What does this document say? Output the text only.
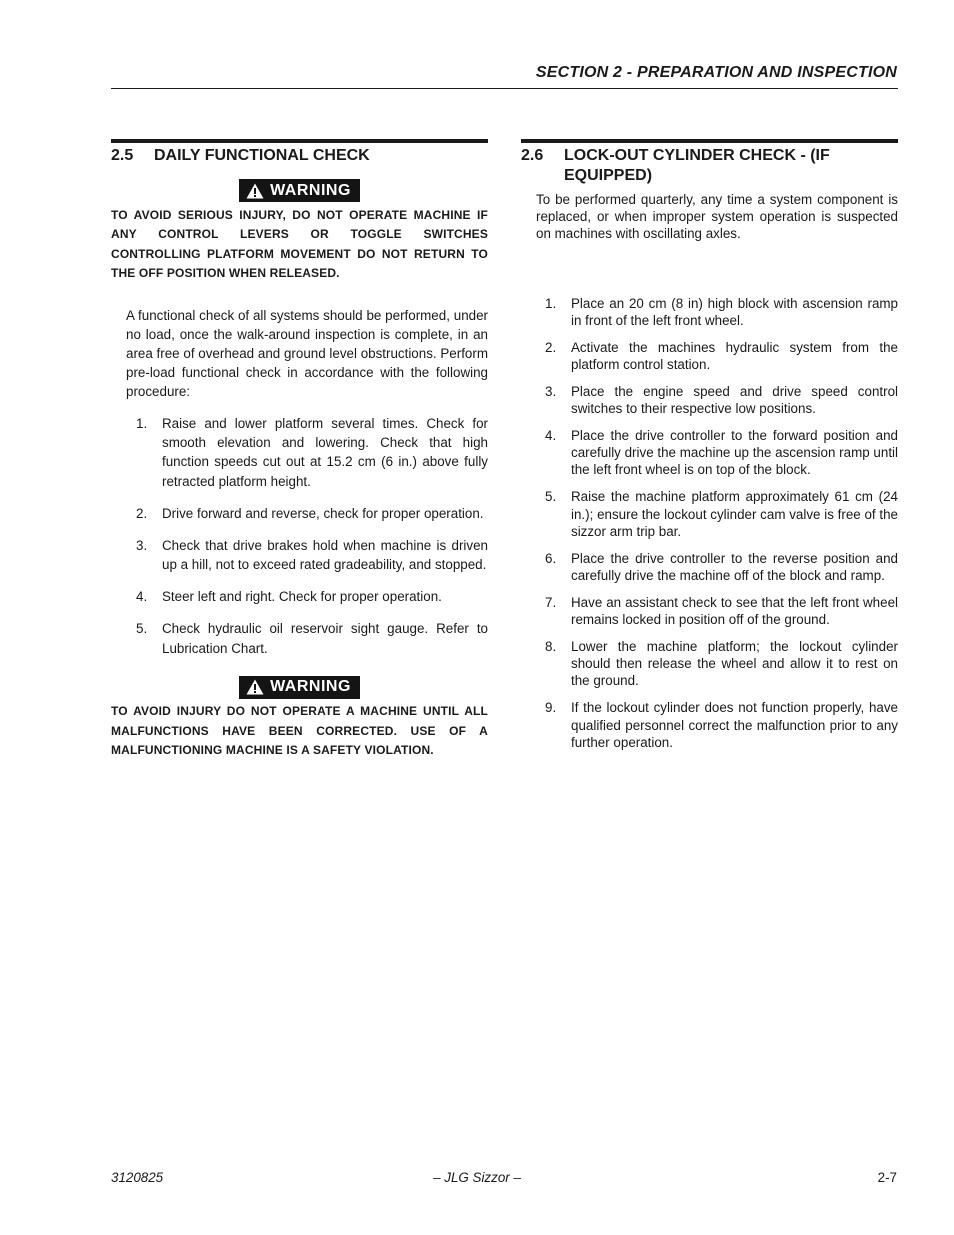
SECTION 2 - PREPARATION AND INSPECTION
2.5	DAILY FUNCTIONAL CHECK
WARNING
TO AVOID SERIOUS INJURY, DO NOT OPERATE MACHINE IF ANY CONTROL LEVERS OR TOGGLE SWITCHES CONTROLLING PLATFORM MOVEMENT DO NOT RETURN TO THE OFF POSITION WHEN RELEASED.
A functional check of all systems should be performed, under no load, once the walk-around inspection is complete, in an area free of overhead and ground level obstructions. Perform pre-load functional check in accordance with the following procedure:
1.	Raise and lower platform several times. Check for smooth elevation and lowering. Check that high function speeds cut out at 15.2 cm (6 in.) above fully retracted platform height.
2.	Drive forward and reverse, check for proper operation.
3.	Check that drive brakes hold when machine is driven up a hill, not to exceed rated gradeability, and stopped.
4.	Steer left and right. Check for proper operation.
5.	Check hydraulic oil reservoir sight gauge. Refer to Lubrication Chart.
WARNING
TO AVOID INJURY DO NOT OPERATE A MACHINE UNTIL ALL MALFUNCTIONS HAVE BEEN CORRECTED. USE OF A MALFUNCTIONING MACHINE IS A SAFETY VIOLATION.
2.6	LOCK-OUT CYLINDER CHECK - (IF EQUIPPED)
To be performed quarterly, any time a system component is replaced, or when improper system operation is suspected on machines with oscillating axles.
1.	Place an 20 cm (8 in) high block with ascension ramp in front of the left front wheel.
2.	Activate the machines hydraulic system from the platform control station.
3.	Place the engine speed and drive speed control switches to their respective low positions.
4.	Place the drive controller to the forward position and carefully drive the machine up the ascension ramp until the left front wheel is on top of the block.
5.	Raise the machine platform approximately 61 cm (24 in.); ensure the lockout cylinder cam valve is free of the sizzor arm trip bar.
6.	Place the drive controller to the reverse position and carefully drive the machine off of the block and ramp.
7.	Have an assistant check to see that the left front wheel remains locked in position off of the ground.
8.	Lower the machine platform; the lockout cylinder should then release the wheel and allow it to rest on the ground.
9.	If the lockout cylinder does not function properly, have qualified personnel correct the malfunction prior to any further operation.
3120825	– JLG Sizzor –	2-7
